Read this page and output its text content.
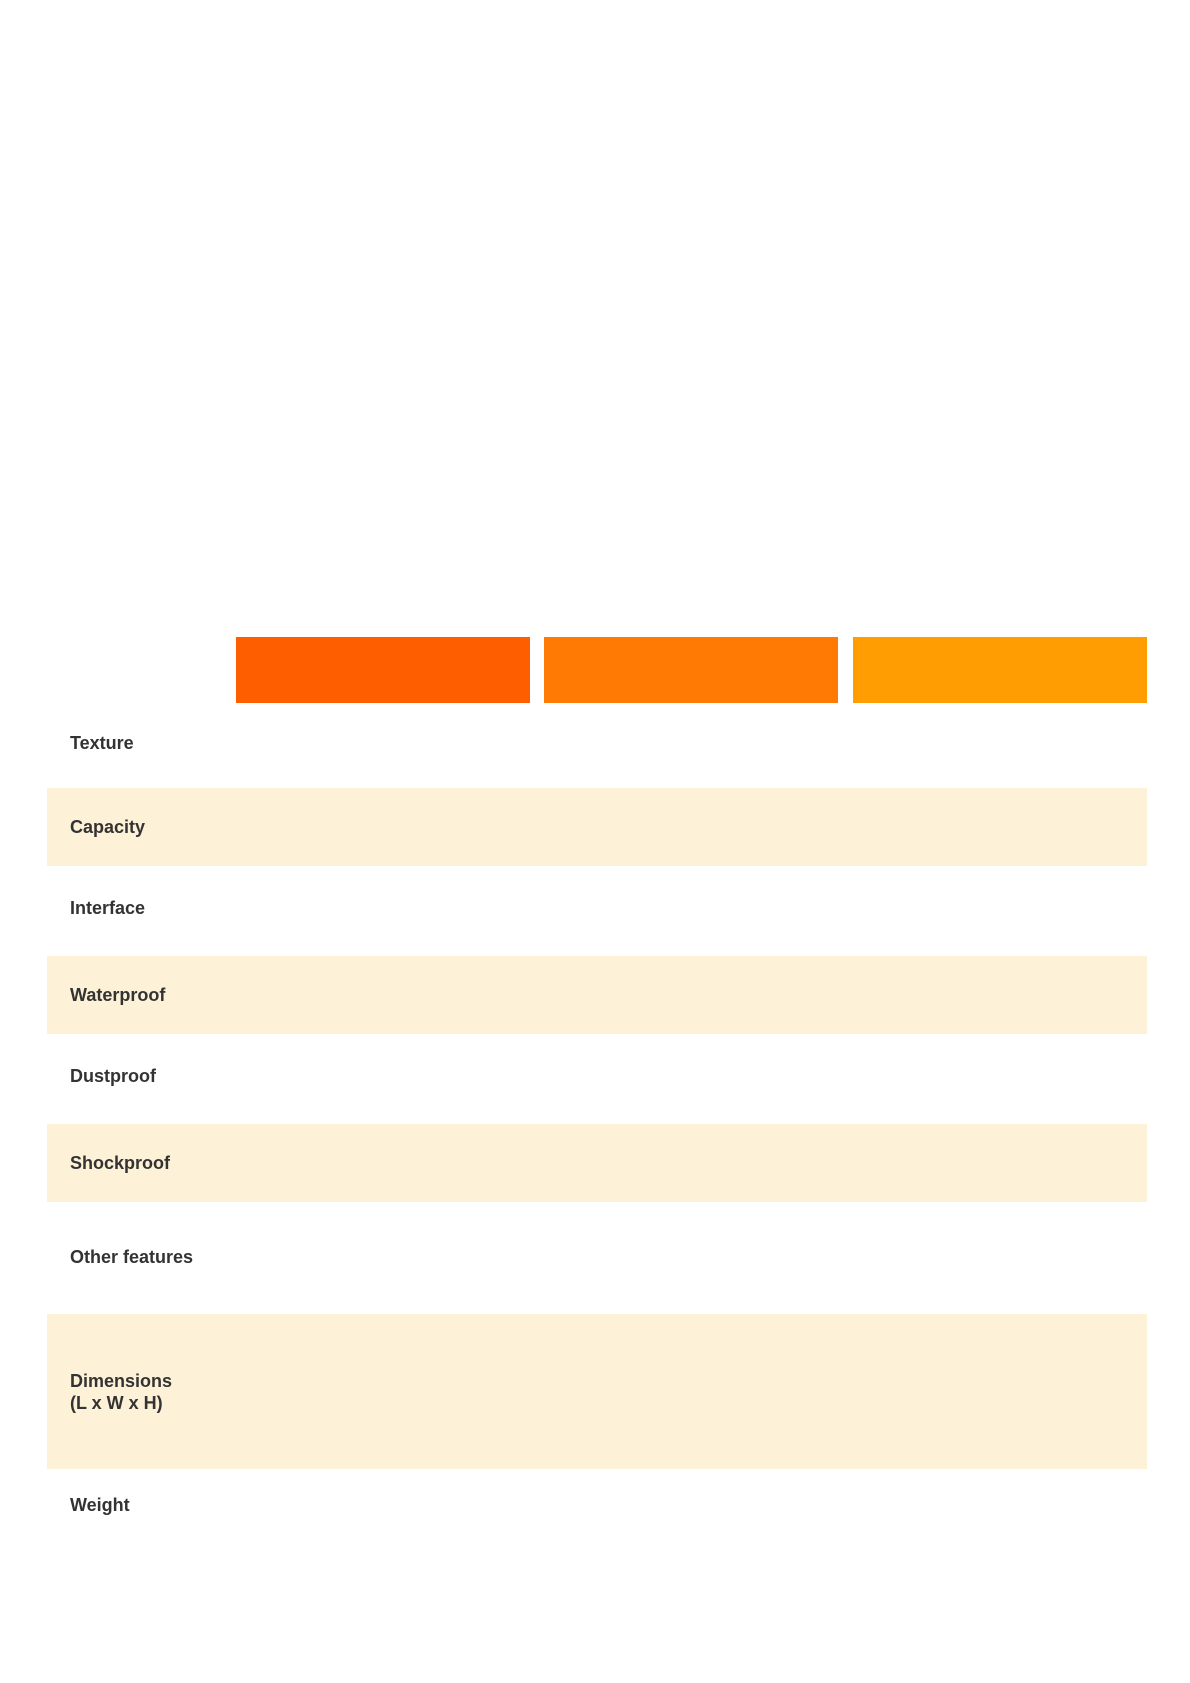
Texture
Capacity
Interface
Waterproof
Dustproof
Shockproof
Other features
Dimensions
(L x W x H)
Weight
